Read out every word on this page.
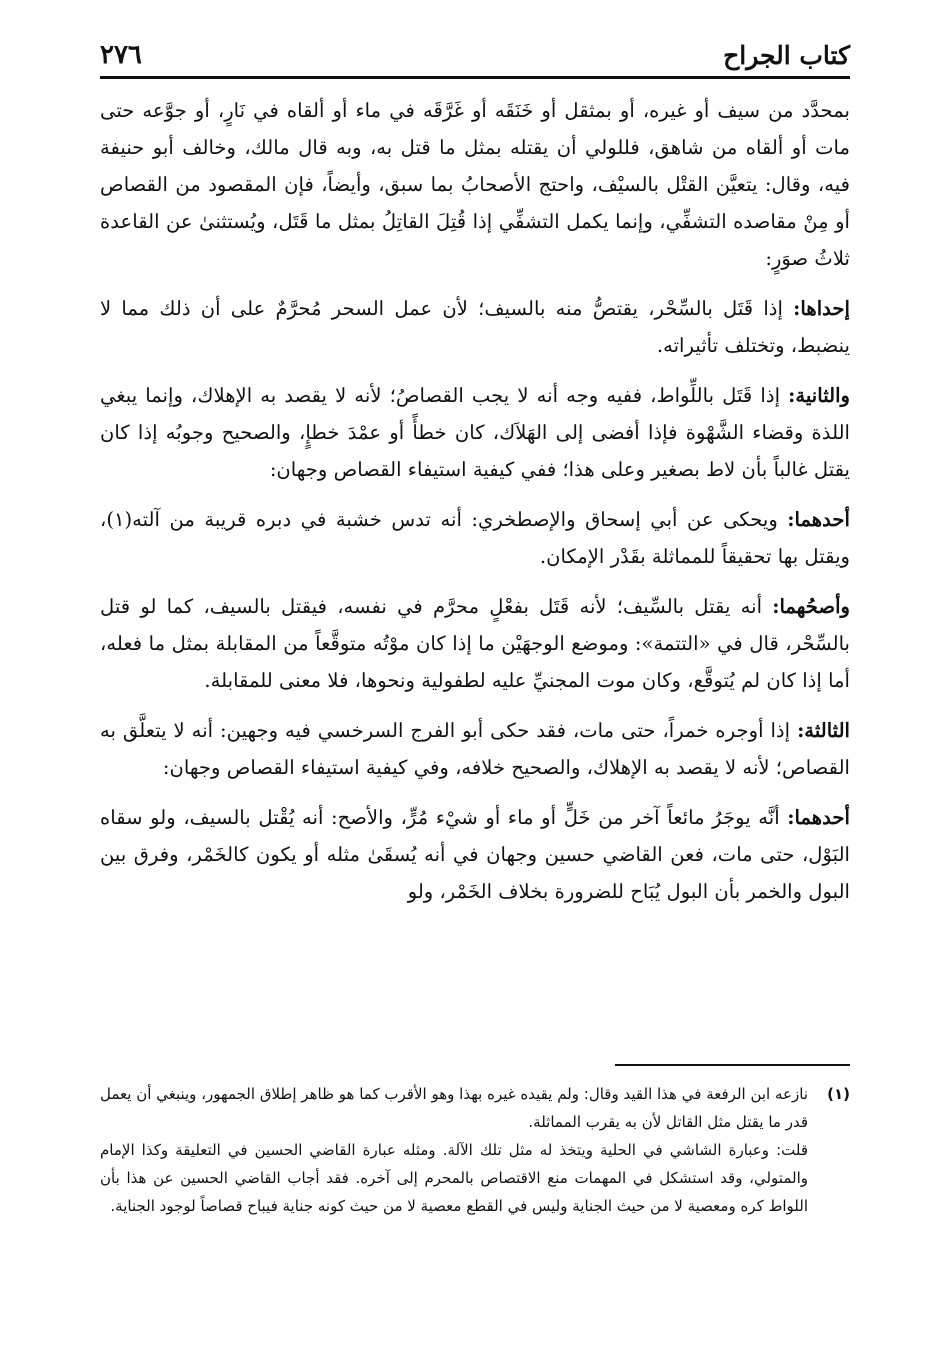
كتاب الجراح
٢٧٦

بمحدَّد من سيف أو غيره، أو بمثقل أو خَنَقَه أو غَرَّقَه في ماء أو ألقاه في نَارٍ، أو جوَّعه حتى مات أو ألقاه من شاهق، فللولي أن يقتله بمثل ما قتل به، وبه قال مالك، وخالف أبو حنيفة فيه، وقال: يتعيَّن القتْل بالسيْف، واحتج الأصحابُ بما سبق، وأيضاً، فإن المقصود من القصاص أو مِنْ مقاصده التشفِّي، وإنما يكمل التشفِّي إذا قُتِلَ القاتِلُ بمثل ما قَتَل، ويُستثنىٰ عن القاعدة ثلاثُ صوَرٍ:

إحداها: إذا قَتَل بالسِّحْر، يقتصُّ منه بالسيف؛ لأن عمل السحر مُحرَّمٌ على أن ذلك مما لا ينضبط، وتختلف تأثيراته.

والثانية: إذا قَتَل باللِّواط، ففيه وجه أنه لا يجب القصاصُ؛ لأنه لا يقصد به الإهلاك، وإنما يبغي اللذة وقضاء الشَّهْوة فإذا أفضى إلى الهَلاَك، كان خطأً أو عمْدَ خطإٍ، والصحيح وجوبُه إذا كان يقتل غالباً بأن لاط بصغير وعلى هذا؛ ففي كيفية استيفاء القصاص وجهان:

أحدهما: ويحكى عن أبي إسحاق والإصطخري: أنه تدس خشبة في دبره قريبة من آلته(١)، ويقتل بها تحقيقاً للمماثلة بقَدْر الإمكان.

وأصحُهما: أنه يقتل بالسِّيف؛ لأنه قَتَل بفعْلٍ محرَّم في نفسه، فيقتل بالسيف، كما لو قتل بالسِّحْر، قال في «التتمة»: وموضع الوجهَيْن ما إذا كان موْتُه متوقَّعاً من المقابلة بمثل ما فعله، أما إذا كان لم يُتوقَّع، وكان موت المجنيِّ عليه لطفولية ونحوها، فلا معنى للمقابلة.

الثالثة: إذا أوجره خمراً، حتى مات، فقد حكى أبو الفرج السرخسي فيه وجهين: أنه لا يتعلَّق به القصاص؛ لأنه لا يقصد به الإهلاك، والصحيح خلافه، وفي كيفية استيفاء القصاص وجهان:

أحدهما: أنَّه يوجَرُ مائعاً آخر من خَلٍّ أو ماء أو شيْء مُرٍّ، والأصح: أنه يُقْتل بالسيف، ولو سقاه البَوْل، حتى مات، فعن القاضي حسين وجهان في أنه يُسقَىٰ مثله أو يكون كالخَمْر، وفرق بين البول والخمر بأن البول يُبَاح للضرورة بخلاف الخَمْر، ولو

(١)

نازعه ابن الرفعة في هذا القيد وقال: ولم يقيده غيره بهذا وهو الأقرب كما هو ظاهر إطلاق الجمهور، وينبغي أن يعمل قدر ما يقتل مثل القاتل لأن به يقرب المماثلة.

قلت: وعبارة الشاشي في الحلية ويتخذ له مثل تلك الآلة. ومثله عبارة القاضي الحسين في التعليقة وكذا الإمام والمتولي، وقد استشكل في المهمات منع الاقتصاص بالمحرم إلى آخره. فقد أجاب القاضي الحسين عن هذا بأن اللواط كره ومعصية لا من حيث الجناية وليس في القطع معصية لا من حيث كونه جناية فيباح قصاصاً لوجود الجناية.
